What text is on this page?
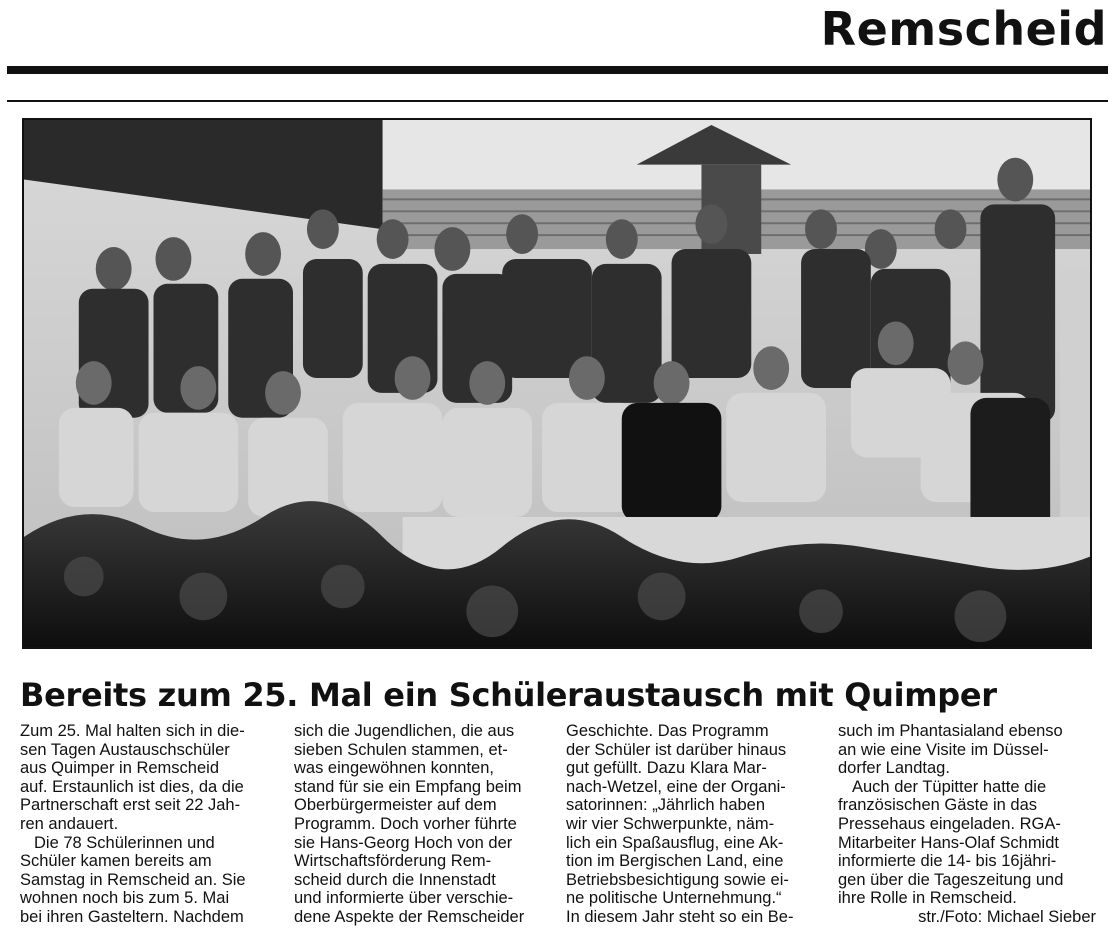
Remscheid
Bereits zum 25. Mal ein Schüleraustausch mit Quimper
Zum 25. Mal halten sich in die-
sen Tagen Austauschschüler
aus Quimper in Remscheid
auf. Erstaunlich ist dies, da die
Partnerschaft erst seit 22 Jah-
ren andauert.
Die 78 Schülerinnen und
Schüler kamen bereits am
Samstag in Remscheid an. Sie
wohnen noch bis zum 5. Mai
bei ihren Gasteltern. Nachdem
sich die Jugendlichen, die aus
sieben Schulen stammen, et-
was eingewöhnen konnten,
stand für sie ein Empfang beim
Oberbürgermeister auf dem
Programm. Doch vorher führte
sie Hans-Georg Hoch von der
Wirtschaftsförderung Rem-
scheid durch die Innenstadt
und informierte über verschie-
dene Aspekte der Remscheider
Geschichte. Das Programm
der Schüler ist darüber hinaus
gut gefüllt. Dazu Klara Mar-
nach-Wetzel, eine der Organi-
satorinnen: „Jährlich haben
wir vier Schwerpunkte, näm-
lich ein Spaßausflug, eine Ak-
tion im Bergischen Land, eine
Betriebsbesichtigung sowie ei-
ne politische Unternehmung.“
In diesem Jahr steht so ein Be-
such im Phantasialand ebenso
an wie eine Visite im Düssel-
dorfer Landtag.
Auch der Tüpitter hatte die
französischen Gäste in das
Pressehaus eingeladen. RGA-
Mitarbeiter Hans-Olaf Schmidt
informierte die 14- bis 16jähri-
gen über die Tageszeitung und
ihre Rolle in Remscheid.
str./Foto: Michael Sieber
